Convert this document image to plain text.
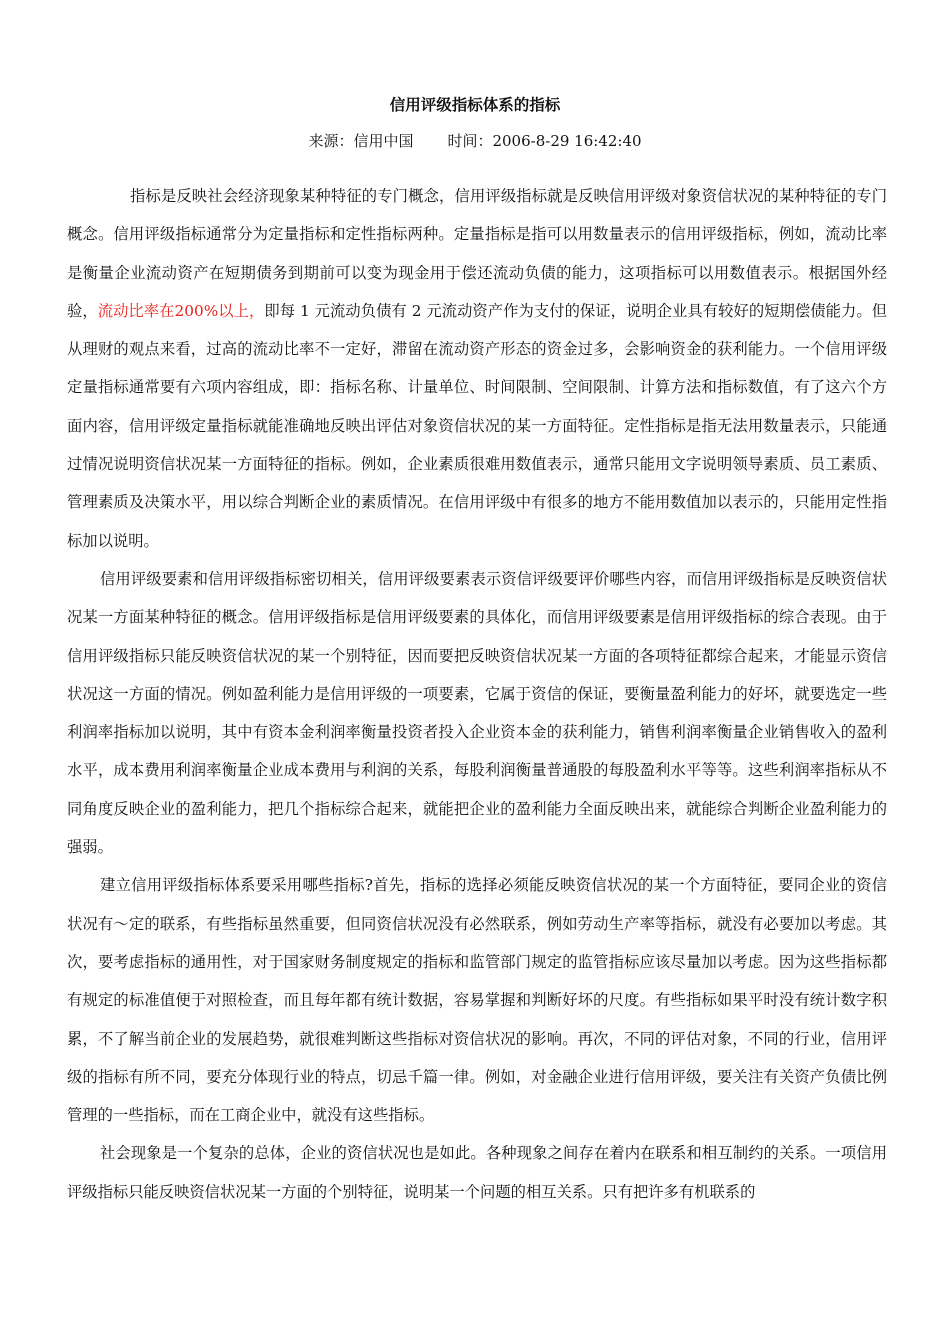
信用评级指标体系的指标
来源：信用中国 时间：2006-8-29 16:42:40

指标是反映社会经济现象某种特征的专门概念，信用评级指标就是反映信用评级对象资信状况的某种特征的专门概念。信用评级指标通常分为定量指标和定性指标两种。定量指标是指可以用数量表示的信用评级指标，例如，流动比率是衡量企业流动资产在短期债务到期前可以变为现金用于偿还流动负债的能力，这项指标可以用数值表示。根据国外经验，流动比率在200%以上，即每 1 元流动负债有 2 元流动资产作为支付的保证，说明企业具有较好的短期偿债能力。但从理财的观点来看，过高的流动比率不一定好，滞留在流动资产形态的资金过多，会影响资金的获利能力。一个信用评级定量指标通常要有六项内容组成，即：指标名称、计量单位、时间限制、空间限制、计算方法和指标数值，有了这六个方面内容，信用评级定量指标就能准确地反映出评估对象资信状况的某一方面特征。定性指标是指无法用数量表示，只能通过情况说明资信状况某一方面特征的指标。例如，企业素质很难用数值表示，通常只能用文字说明领导素质、员工素质、管理素质及决策水平，用以综合判断企业的素质情况。在信用评级中有很多的地方不能用数值加以表示的，只能用定性指标加以说明。

信用评级要素和信用评级指标密切相关，信用评级要素表示资信评级要评价哪些内容，而信用评级指标是反映资信状况某一方面某种特征的概念。信用评级指标是信用评级要素的具体化，而信用评级要素是信用评级指标的综合表现。由于信用评级指标只能反映资信状况的某一个别特征，因而要把反映资信状况某一方面的各项特征都综合起来，才能显示资信状况这一方面的情况。例如盈利能力是信用评级的一项要素，它属于资信的保证，要衡量盈利能力的好坏，就要选定一些利润率指标加以说明，其中有资本金利润率衡量投资者投入企业资本金的获利能力，销售利润率衡量企业销售收入的盈利水平，成本费用利润率衡量企业成本费用与利润的关系，每股利润衡量普通股的每股盈利水平等等。这些利润率指标从不同角度反映企业的盈利能力，把几个指标综合起来，就能把企业的盈利能力全面反映出来，就能综合判断企业盈利能力的强弱。

建立信用评级指标体系要采用哪些指标?首先，指标的选择必须能反映资信状况的某一个方面特征，要同企业的资信状况有～定的联系，有些指标虽然重要，但同资信状况没有必然联系，例如劳动生产率等指标，就没有必要加以考虑。其次，要考虑指标的通用性，对于国家财务制度规定的指标和监管部门规定的监管指标应该尽量加以考虑。因为这些指标都有规定的标准值便于对照检查，而且每年都有统计数据，容易掌握和判断好坏的尺度。有些指标如果平时没有统计数字积累，不了解当前企业的发展趋势，就很难判断这些指标对资信状况的影响。再次，不同的评估对象，不同的行业，信用评级的指标有所不同，要充分体现行业的特点，切忌千篇一律。例如，对金融企业进行信用评级，要关注有关资产负债比例管理的一些指标，而在工商企业中，就没有这些指标。

社会现象是一个复杂的总体，企业的资信状况也是如此。各种现象之间存在着内在联系和相互制约的关系。一项信用评级指标只能反映资信状况某一方面的个别特征，说明某一个问题的相互关系。只有把许多有机联系的
